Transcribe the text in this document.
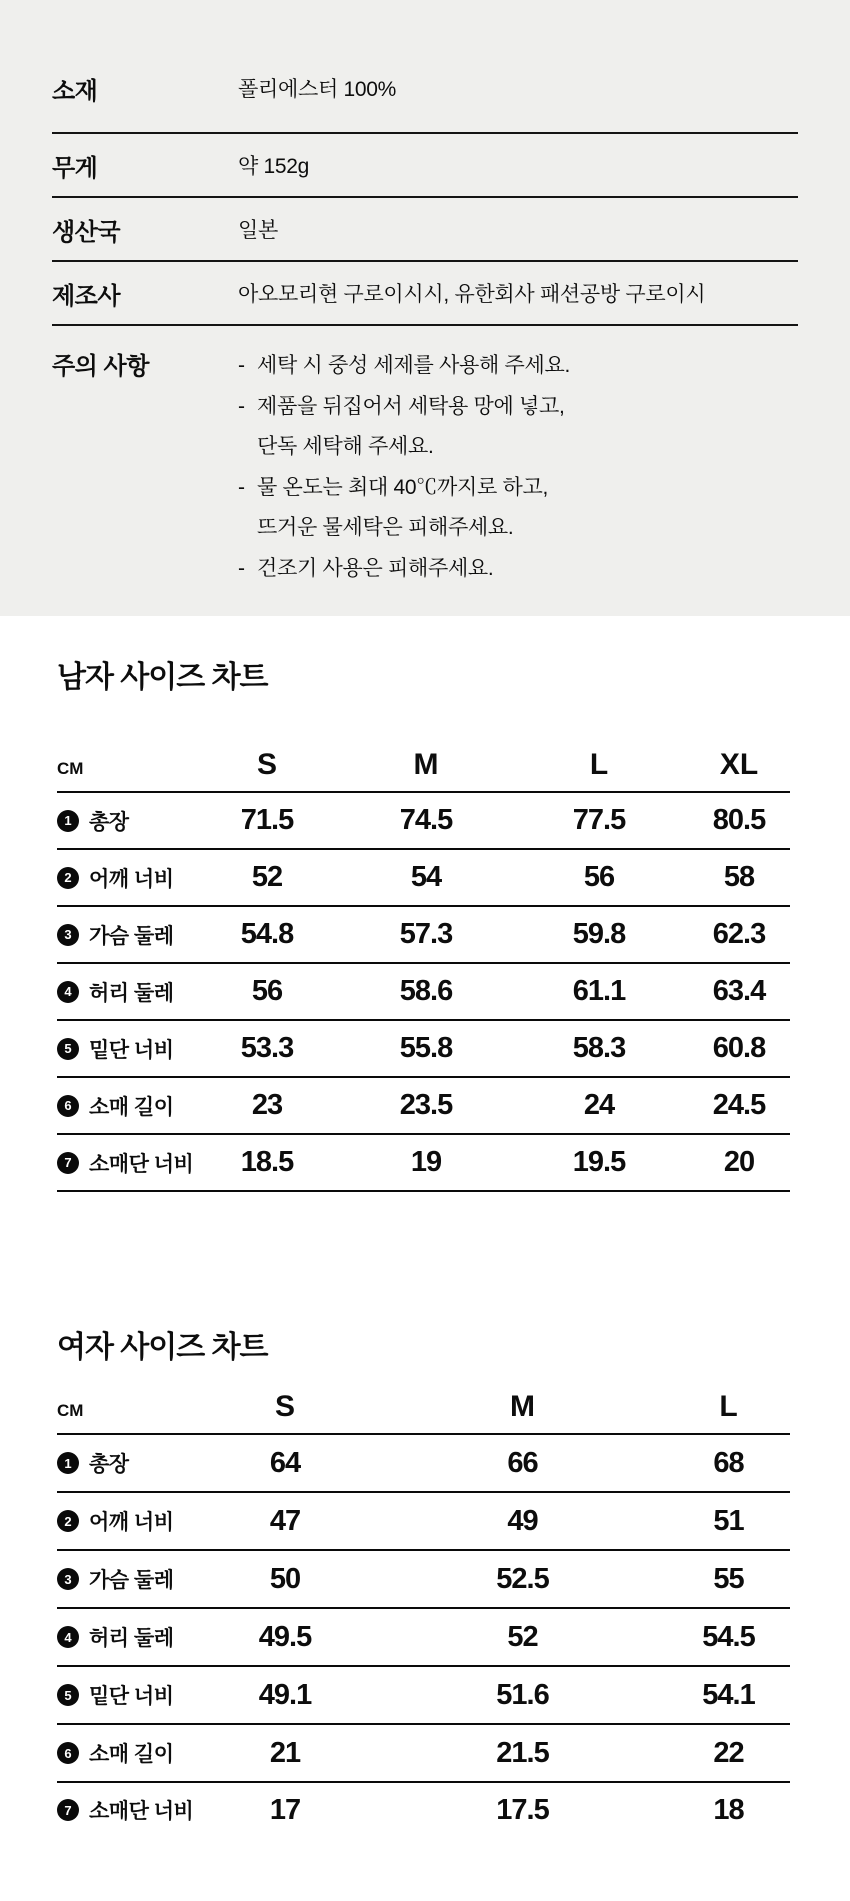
소재	폴리에스터 100%
무게	약 152g
생산국	일본
제조사	아오모리현 구로이시시, 유한회사 패션공방 구로이시
주의 사항	- 세탁 시 중성 세제를 사용해 주세요.
- 제품을 뒤집어서 세탁용 망에 넣고,
단독 세탁해 주세요.
- 물 온도는 최대 40℃까지로 하고,
뜨거운 물세탁은 피해주세요.
- 건조기 사용은 피해주세요.
남자 사이즈 차트
CM	S	M	L	XL
1 총장	71.5	74.5	77.5	80.5
2 어깨 너비	52	54	56	58
3 가슴 둘레	54.8	57.3	59.8	62.3
4 허리 둘레	56	58.6	61.1	63.4
5 밑단 너비	53.3	55.8	58.3	60.8
6 소매 길이	23	23.5	24	24.5
7 소매단 너비	18.5	19	19.5	20
여자 사이즈 차트
CM	S	M	L
1 총장	64	66	68
2 어깨 너비	47	49	51
3 가슴 둘레	50	52.5	55
4 허리 둘레	49.5	52	54.5
5 밑단 너비	49.1	51.6	54.1
6 소매 길이	21	21.5	22
7 소매단 너비	17	17.5	18
